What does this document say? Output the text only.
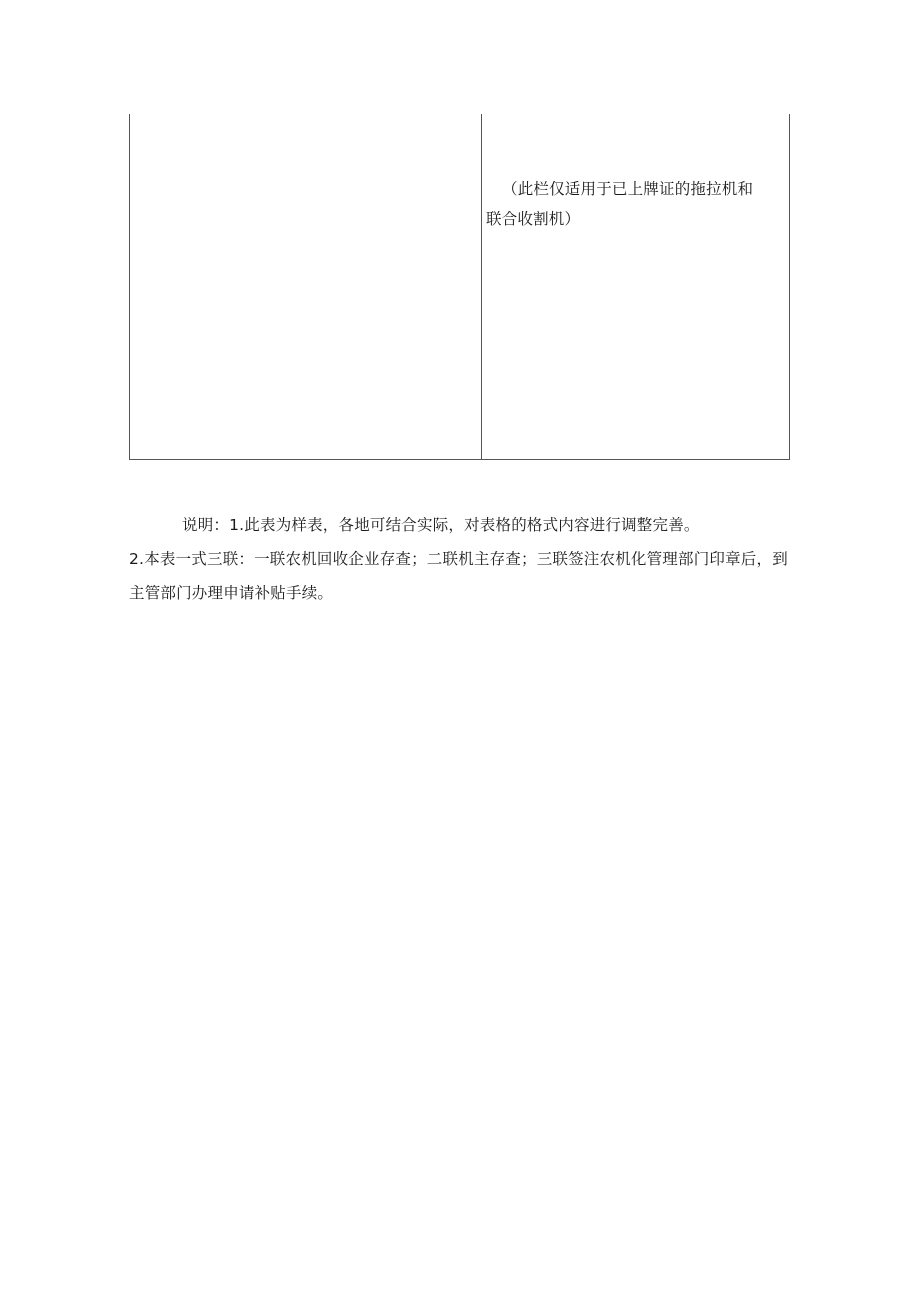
（此栏仅适用于已上牌证的拖拉机和联合收割机）
说明：1.此表为样表，各地可结合实际，对表格的格式内容进行调整完善。
2.本表一式三联：一联农机回收企业存查；二联机主存查；三联签注农机化管理部门印章后，到主管部门办理申请补贴手续。
